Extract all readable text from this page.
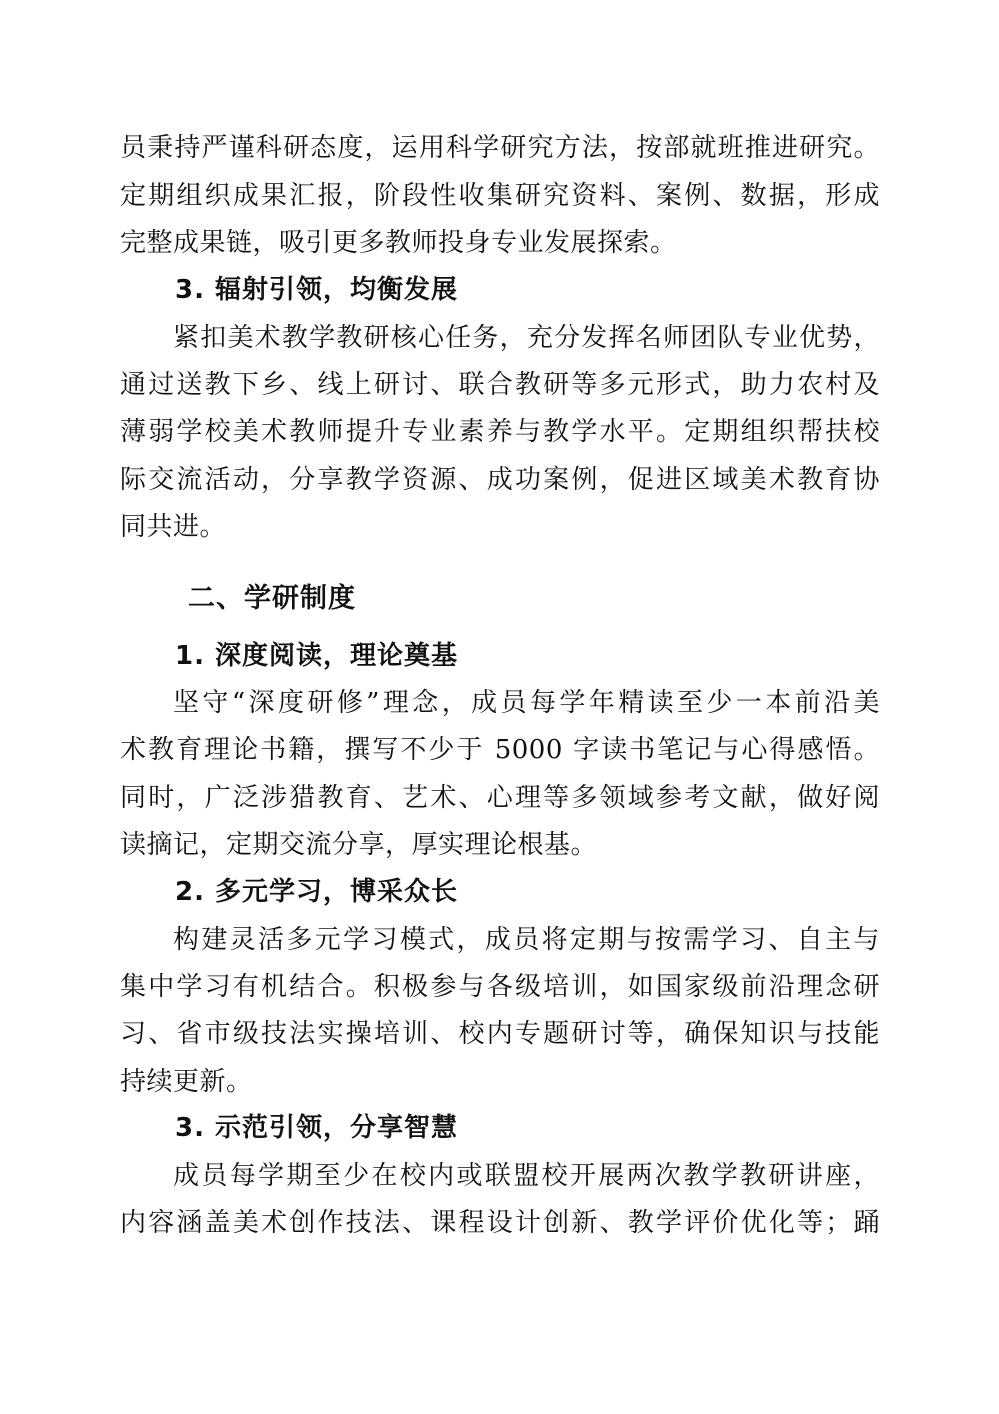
员秉持严谨科研态度，运用科学研究方法，按部就班推进研究。
定期组织成果汇报，阶段性收集研究资料、案例、数据，形成
完整成果链，吸引更多教师投身专业发展探索。
3. 辐射引领，均衡发展
紧扣美术教学教研核心任务，充分发挥名师团队专业优势，
通过送教下乡、线上研讨、联合教研等多元形式，助力农村及
薄弱学校美术教师提升专业素养与教学水平。定期组织帮扶校
际交流活动，分享教学资源、成功案例，促进区域美术教育协
同共进。
二、学研制度
1. 深度阅读，理论奠基
坚守“深度研修”理念，成员每学年精读至少一本前沿美
术教育理论书籍，撰写不少于 5000 字读书笔记与心得感悟。
同时，广泛涉猎教育、艺术、心理等多领域参考文献，做好阅
读摘记，定期交流分享，厚实理论根基。
2. 多元学习，博采众长
构建灵活多元学习模式，成员将定期与按需学习、自主与
集中学习有机结合。积极参与各级培训，如国家级前沿理念研
习、省市级技法实操培训、校内专题研讨等，确保知识与技能
持续更新。
3. 示范引领，分享智慧
成员每学期至少在校内或联盟校开展两次教学教研讲座，
内容涵盖美术创作技法、课程设计创新、教学评价优化等；踊
